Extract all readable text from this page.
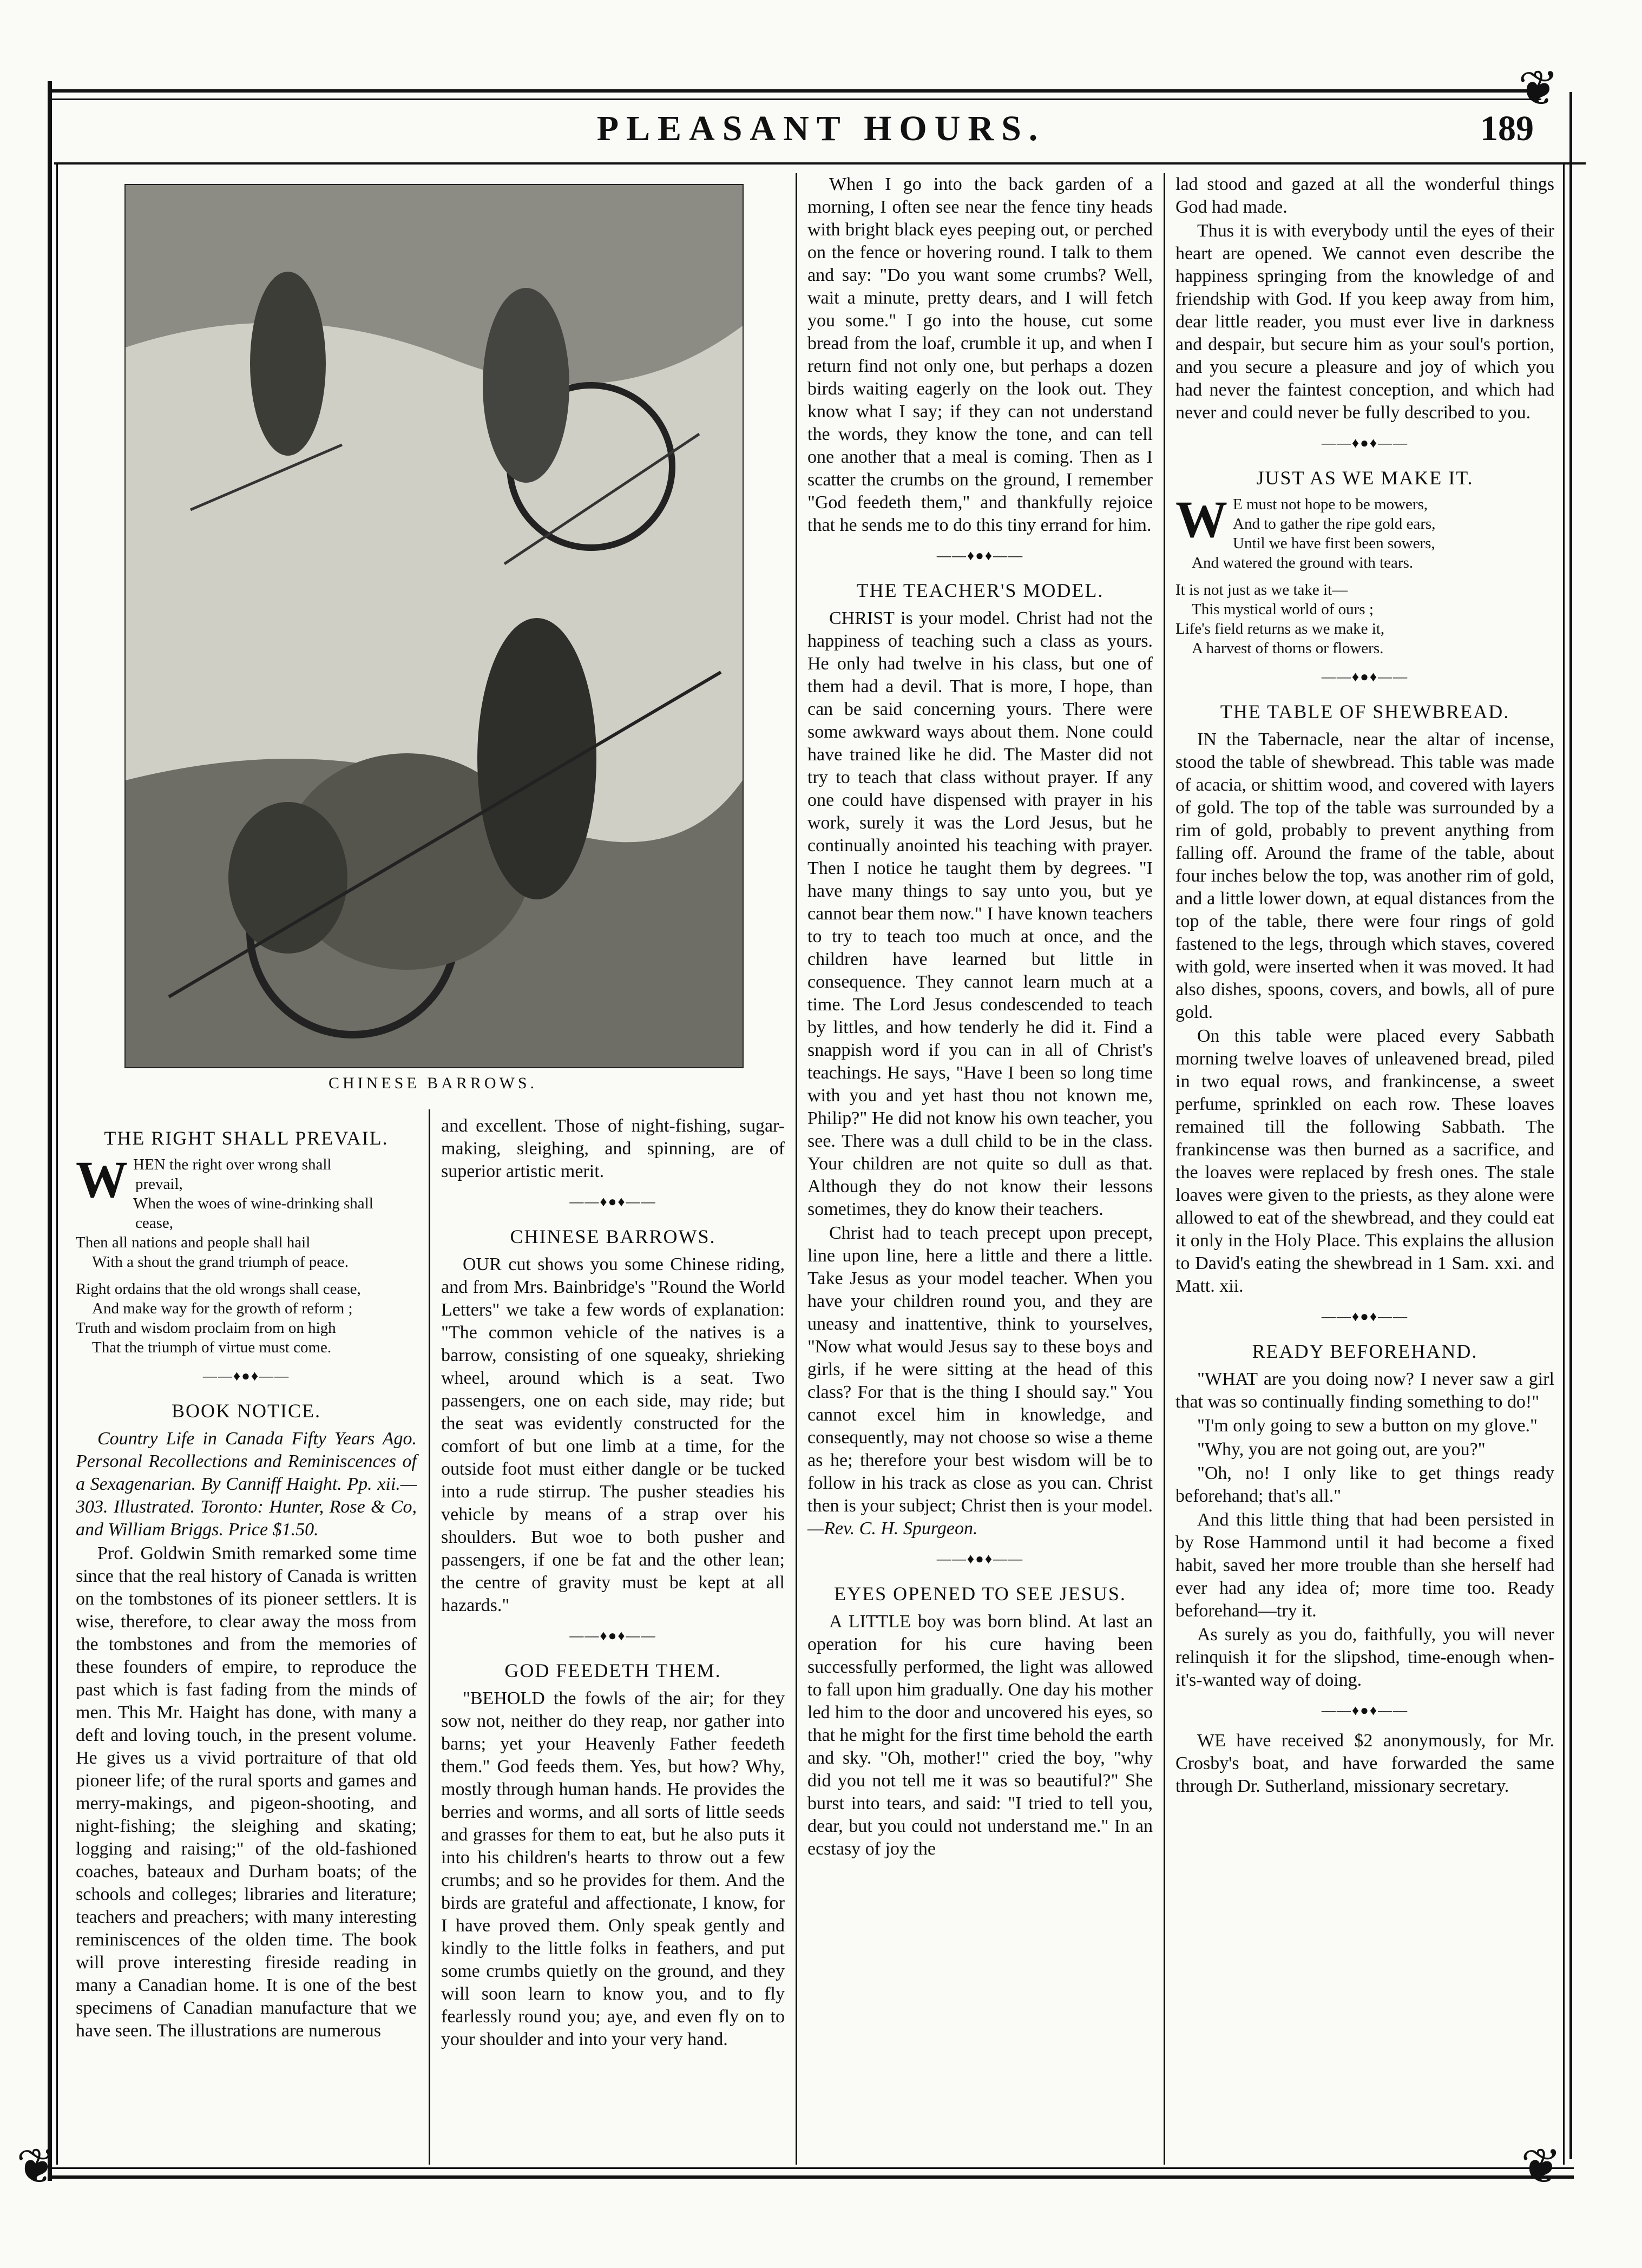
❦
❦	❦
PLEASANT HOURS.	189
CHINESE BARROWS.
THE RIGHT SHALL PREVAIL.
W HEN the right over wrong shall
prevail,
When the woes of wine-drinking shall
cease,
Then all nations and people shall hail
With a shout the grand triumph of peace.
Right ordains that the old wrongs shall cease,
And make way for the growth of reform ;
Truth and wisdom proclaim from on high
That the triumph of virtue must come.
——♦●♦——
BOOK NOTICE.

Country Life in Canada Fifty Years Ago. Personal Recollections and Reminiscences of a Sexagenarian. By Canniff Haight. Pp. xii.—303. Illustrated. Toronto: Hunter, Rose & Co, and William Briggs. Price $1.50.

Prof. Goldwin Smith remarked some time since that the real history of Canada is written on the tombstones of its pioneer settlers. It is wise, therefore, to clear away the moss from the tombstones and from the memories of these founders of empire, to reproduce the past which is fast fading from the minds of men. This Mr. Haight has done, with many a deft and loving touch, in the present volume. He gives us a vivid portraiture of that old pioneer life; of the rural sports and games and merry-makings, and pigeon-shooting, and night-fishing; the sleighing and skating; logging and raising;" of the old-fashioned coaches, bateaux and Durham boats; of the schools and colleges; libraries and literature; teachers and preachers; with many interesting reminiscences of the olden time. The book will prove interesting fireside reading in many a Canadian home. It is one of the best specimens of Canadian manufacture that we have seen. The illustrations are numerous

and excellent. Those of night-fishing, sugar-making, sleighing, and spinning, are of superior artistic merit.

——♦●♦——
CHINESE BARROWS.

OUR cut shows you some Chinese riding, and from Mrs. Bainbridge's "Round the World Letters" we take a few words of explanation: "The common vehicle of the natives is a barrow, consisting of one squeaky, shrieking wheel, around which is a seat. Two passengers, one on each side, may ride; but the seat was evidently constructed for the comfort of but one limb at a time, for the outside foot must either dangle or be tucked into a rude stirrup. The pusher steadies his vehicle by means of a strap over his shoulders. But woe to both pusher and passengers, if one be fat and the other lean; the centre of gravity must be kept at all hazards."

——♦●♦——
GOD FEEDETH THEM.

"BEHOLD the fowls of the air; for they sow not, neither do they reap, nor gather into barns; yet your Heavenly Father feedeth them." God feeds them. Yes, but how? Why, mostly through human hands. He provides the berries and worms, and all sorts of little seeds and grasses for them to eat, but he also puts it into his children's hearts to throw out a few crumbs; and so he provides for them. And the birds are grateful and affectionate, I know, for I have proved them. Only speak gently and kindly to the little folks in feathers, and put some crumbs quietly on the ground, and they will soon learn to know you, and to fly fearlessly round you; aye, and even fly on to your shoulder and into your very hand.

When I go into the back garden of a morning, I often see near the fence tiny heads with bright black eyes peeping out, or perched on the fence or hovering round. I talk to them and say: "Do you want some crumbs? Well, wait a minute, pretty dears, and I will fetch you some." I go into the house, cut some bread from the loaf, crumble it up, and when I return find not only one, but perhaps a dozen birds waiting eagerly on the look out. They know what I say; if they can not understand the words, they know the tone, and can tell one another that a meal is coming. Then as I scatter the crumbs on the ground, I remember "God feedeth them," and thankfully rejoice that he sends me to do this tiny errand for him.

——♦●♦——
THE TEACHER'S MODEL.

CHRIST is your model. Christ had not the happiness of teaching such a class as yours. He only had twelve in his class, but one of them had a devil. That is more, I hope, than can be said concerning yours. There were some awkward ways about them. None could have trained like he did. The Master did not try to teach that class without prayer. If any one could have dispensed with prayer in his work, surely it was the Lord Jesus, but he continually anointed his teaching with prayer. Then I notice he taught them by degrees. "I have many things to say unto you, but ye cannot bear them now." I have known teachers to try to teach too much at once, and the children have learned but little in consequence. They cannot learn much at a time. The Lord Jesus condescended to teach by littles, and how tenderly he did it. Find a snappish word if you can in all of Christ's teachings. He says, "Have I been so long time with you and yet hast thou not known me, Philip?" He did not know his own teacher, you see. There was a dull child to be in the class. Your children are not quite so dull as that. Although they do not know their lessons sometimes, they do know their teachers.

Christ had to teach precept upon precept, line upon line, here a little and there a little. Take Jesus as your model teacher. When you have your children round you, and they are uneasy and inattentive, think to yourselves, "Now what would Jesus say to these boys and girls, if he were sitting at the head of this class? For that is the thing I should say." You cannot excel him in knowledge, and consequently, may not choose so wise a theme as he; therefore your best wisdom will be to follow in his track as close as you can. Christ then is your subject; Christ then is your model.—Rev. C. H. Spurgeon.

——♦●♦——
EYES OPENED TO SEE JESUS.

A LITTLE boy was born blind. At last an operation for his cure having been successfully performed, the light was allowed to fall upon him gradually. One day his mother led him to the door and uncovered his eyes, so that he might for the first time behold the earth and sky. "Oh, mother!" cried the boy, "why did you not tell me it was so beautiful?" She burst into tears, and said: "I tried to tell you, dear, but you could not understand me." In an ecstasy of joy the

lad stood and gazed at all the wonderful things God had made.

Thus it is with everybody until the eyes of their heart are opened. We cannot even describe the happiness springing from the knowledge of and friendship with God. If you keep away from him, dear little reader, you must ever live in darkness and despair, but secure him as your soul's portion, and you secure a pleasure and joy of which you had never the faintest conception, and which had never and could never be fully described to you.

——♦●♦——
JUST AS WE MAKE IT.
W E must not hope to be mowers,
And to gather the ripe gold ears,
Until we have first been sowers,
And watered the ground with tears.
It is not just as we take it—
This mystical world of ours ;
Life's field returns as we make it,
A harvest of thorns or flowers.
——♦●♦——
THE TABLE OF SHEWBREAD.

IN the Tabernacle, near the altar of incense, stood the table of shewbread. This table was made of acacia, or shittim wood, and covered with layers of gold. The top of the table was surrounded by a rim of gold, probably to prevent anything from falling off. Around the frame of the table, about four inches below the top, was another rim of gold, and a little lower down, at equal distances from the top of the table, there were four rings of gold fastened to the legs, through which staves, covered with gold, were inserted when it was moved. It had also dishes, spoons, covers, and bowls, all of pure gold.

On this table were placed every Sabbath morning twelve loaves of unleavened bread, piled in two equal rows, and frankincense, a sweet perfume, sprinkled on each row. These loaves remained till the following Sabbath. The frankincense was then burned as a sacrifice, and the loaves were replaced by fresh ones. The stale loaves were given to the priests, as they alone were allowed to eat of the shewbread, and they could eat it only in the Holy Place. This explains the allusion to David's eating the shewbread in 1 Sam. xxi. and Matt. xii.

——♦●♦——
READY BEFOREHAND.

"WHAT are you doing now? I never saw a girl that was so continually finding something to do!"

"I'm only going to sew a button on my glove."

"Why, you are not going out, are you?"

"Oh, no! I only like to get things ready beforehand; that's all."

And this little thing that had been persisted in by Rose Hammond until it had become a fixed habit, saved her more trouble than she herself had ever had any idea of; more time too. Ready beforehand—try it.

As surely as you do, faithfully, you will never relinquish it for the slipshod, time-enough when-it's-wanted way of doing.

——♦●♦——

WE have received $2 anonymously, for Mr. Crosby's boat, and have forwarded the same through Dr. Sutherland, missionary secretary.
